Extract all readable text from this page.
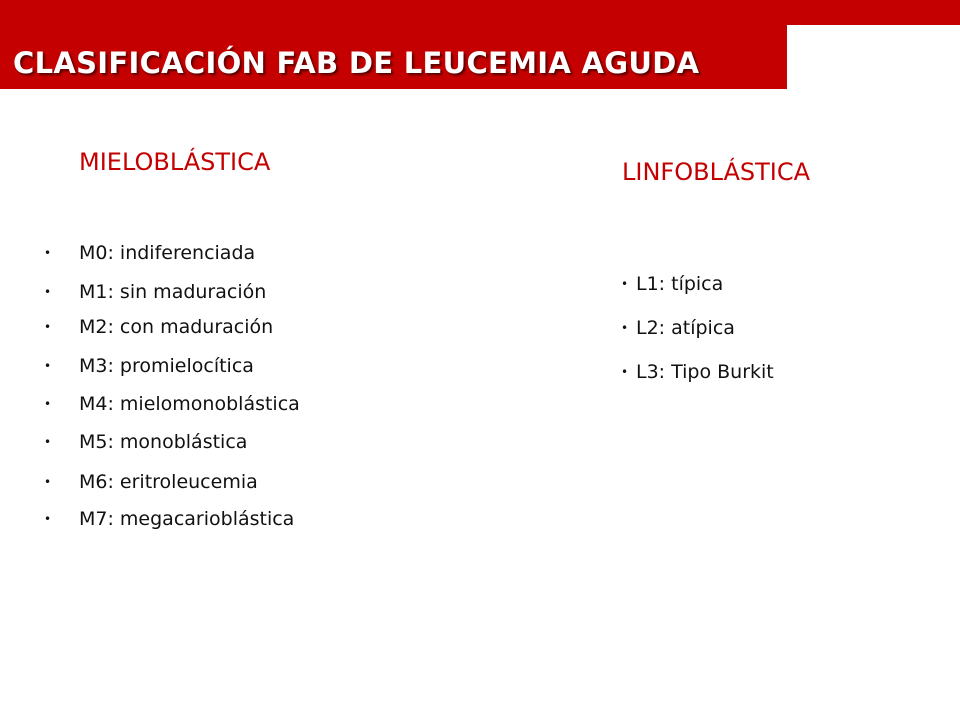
CLASIFICACIÓN FAB DE LEUCEMIA AGUDA
MIELOBLÁSTICA	LINFOBLÁSTICA
• M0: indiferenciada
• M1: sin maduración
• M2: con maduración
• M3: promielocítica
• M4: mielomonoblástica
• M5: monoblástica
• M6: eritroleucemia
• M7: megacarioblástica
• L1: típica
• L2: atípica
• L3: Tipo Burkit
